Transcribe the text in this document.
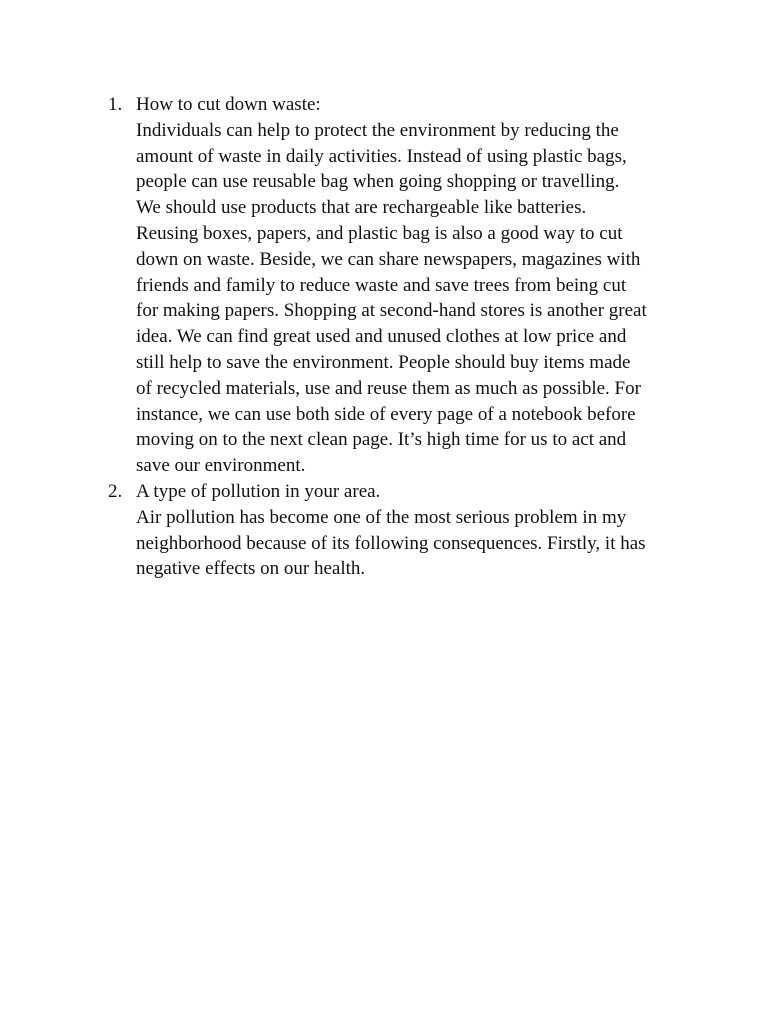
1. How to cut down waste:
Individuals can help to protect the environment by reducing the
amount of waste in daily activities. Instead of using plastic bags,
people can use reusable bag when going shopping or travelling.
We should use products that are rechargeable like batteries.
Reusing boxes, papers, and plastic bag is also a good way to cut
down on waste. Beside, we can share newspapers, magazines with
friends and family to reduce waste and save trees from being cut
for making papers. Shopping at second-hand stores is another great
idea. We can find great used and unused clothes at low price and
still help to save the environment. People should buy items made
of recycled materials, use and reuse them as much as possible. For
instance, we can use both side of every page of a notebook before
moving on to the next clean page. It’s high time for us to act and
save our environment.
2. A type of pollution in your area.
Air pollution has become one of the most serious problem in my
neighborhood because of its following consequences. Firstly, it has
negative effects on our health.
